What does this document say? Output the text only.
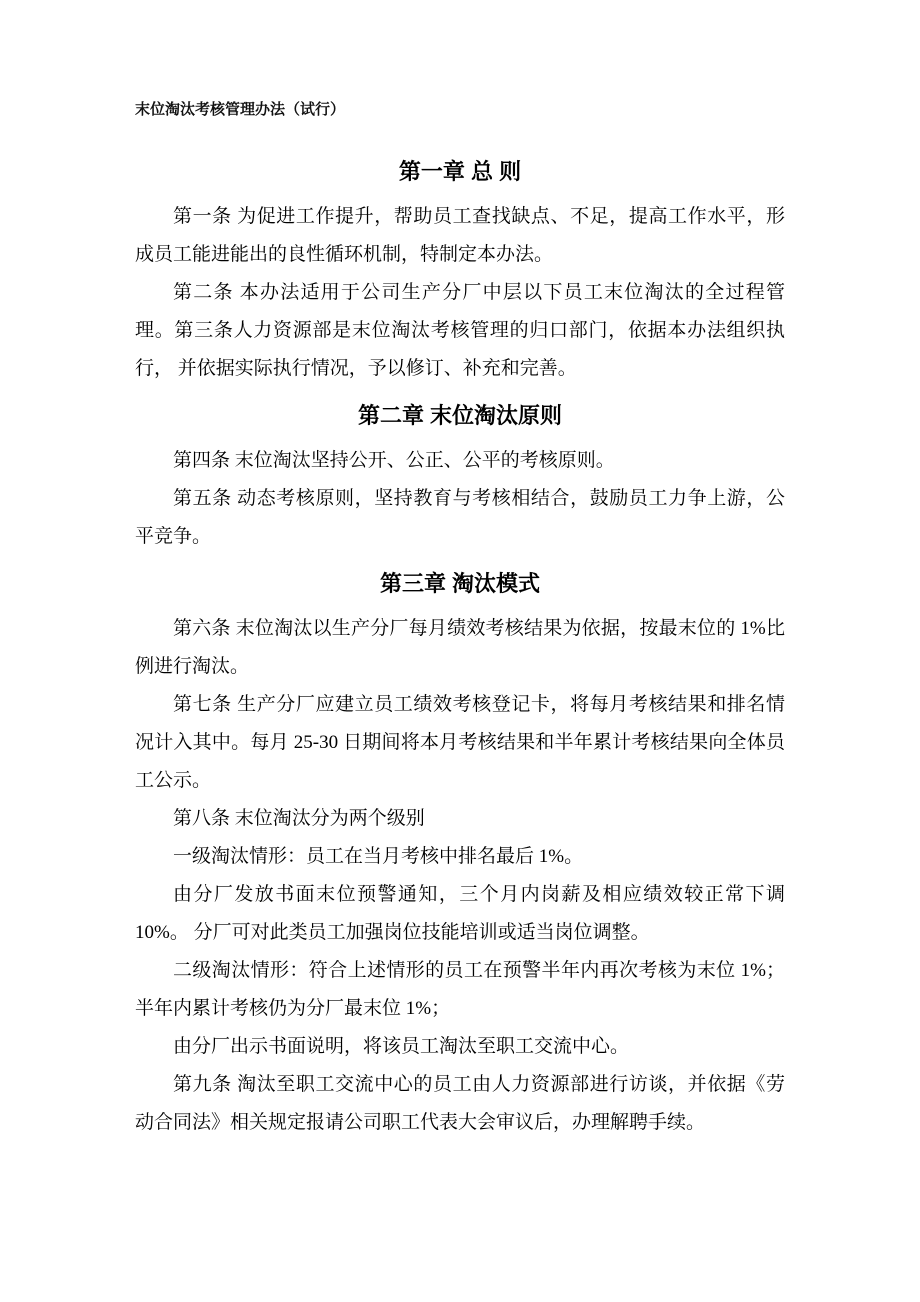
末位淘汰考核管理办法（试行）
第一章 总 则

第一条 为促进工作提升，帮助员工查找缺点、不足，提高工作水平，形成员工能进能出的良性循环机制，特制定本办法。

第二条 本办法适用于公司生产分厂中层以下员工末位淘汰的全过程管理。第三条人力资源部是末位淘汰考核管理的归口部门，依据本办法组织执行， 并依据实际执行情况，予以修订、补充和完善。

第二章 末位淘汰原则

第四条 末位淘汰坚持公开、公正、公平的考核原则。

第五条 动态考核原则，坚持教育与考核相结合，鼓励员工力争上游，公平竞争。

第三章 淘汰模式

第六条 末位淘汰以生产分厂每月绩效考核结果为依据，按最末位的 1%比例进行淘汰。

第七条 生产分厂应建立员工绩效考核登记卡，将每月考核结果和排名情况计入其中。每月 25-30 日期间将本月考核结果和半年累计考核结果向全体员工公示。

第八条 末位淘汰分为两个级别

一级淘汰情形：员工在当月考核中排名最后 1%。

由分厂发放书面末位预警通知，三个月内岗薪及相应绩效较正常下调 10%。 分厂可对此类员工加强岗位技能培训或适当岗位调整。

二级淘汰情形：符合上述情形的员工在预警半年内再次考核为末位 1%；半年内累计考核仍为分厂最末位 1%；

由分厂出示书面说明，将该员工淘汰至职工交流中心。

第九条 淘汰至职工交流中心的员工由人力资源部进行访谈，并依据《劳动合同法》相关规定报请公司职工代表大会审议后，办理解聘手续。
